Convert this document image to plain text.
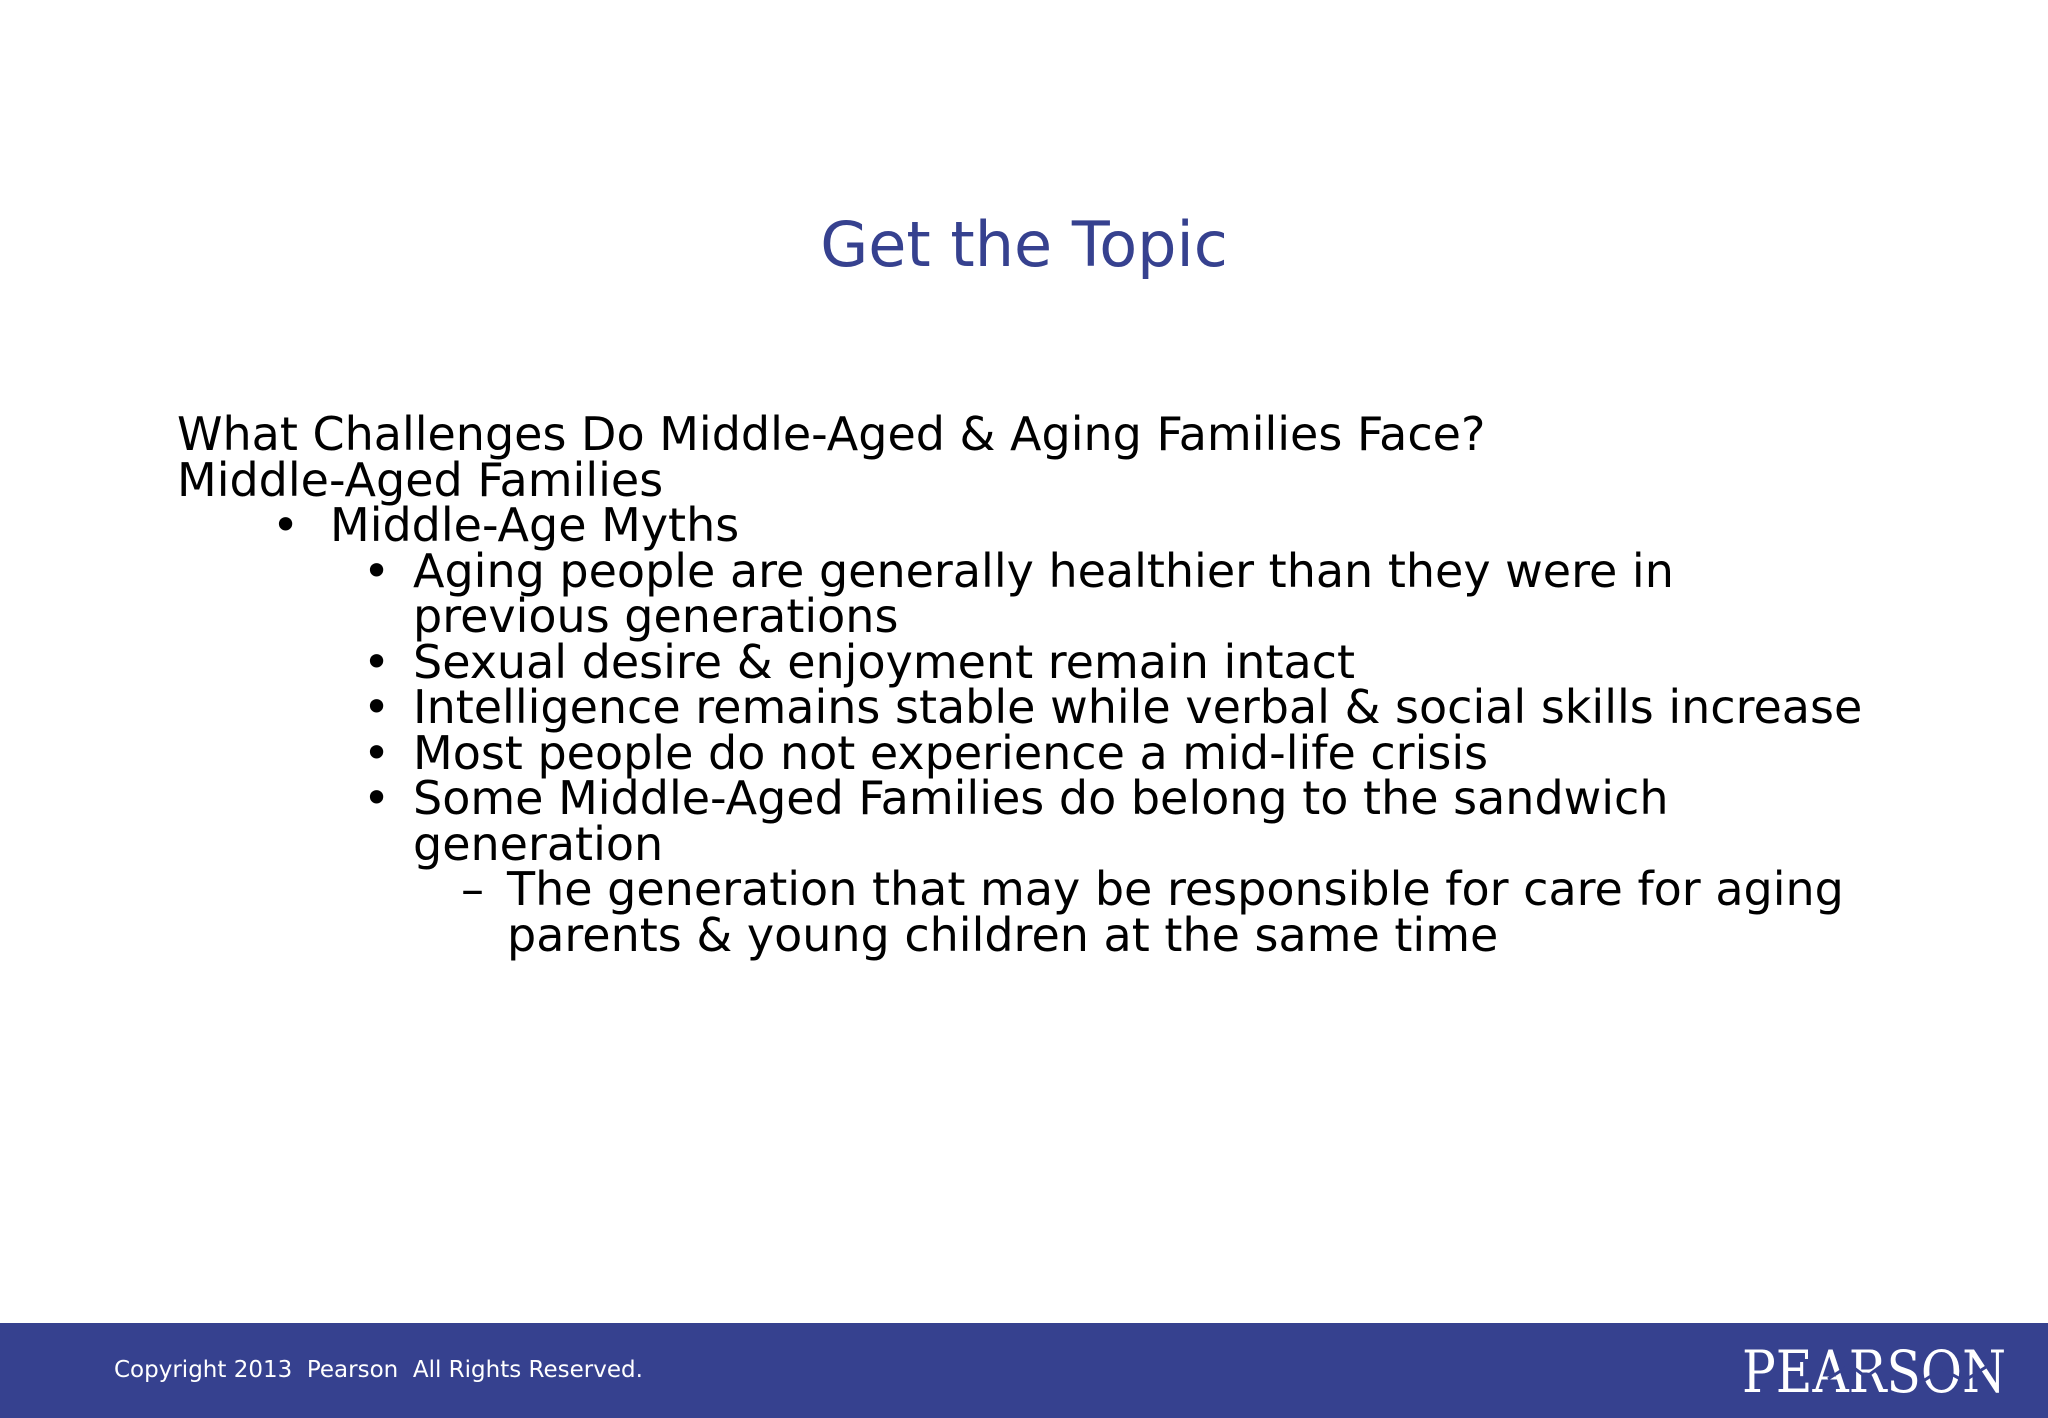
Get the Topic

What Challenges Do Middle-Aged & Aging Families Face?

Middle-Aged Families

• Middle-Age Myths
• Aging people are generally healthier than they were in previous generations
• Sexual desire & enjoyment remain intact
• Intelligence remains stable while verbal & social skills increase
• Most people do not experience a mid-life crisis
• Some Middle-Aged Families do belong to the sandwich generation
– The generation that may be responsible for care for aging parents & young children at the same time
Copyright 2013  Pearson  All Rights Reserved.	PEARSON
